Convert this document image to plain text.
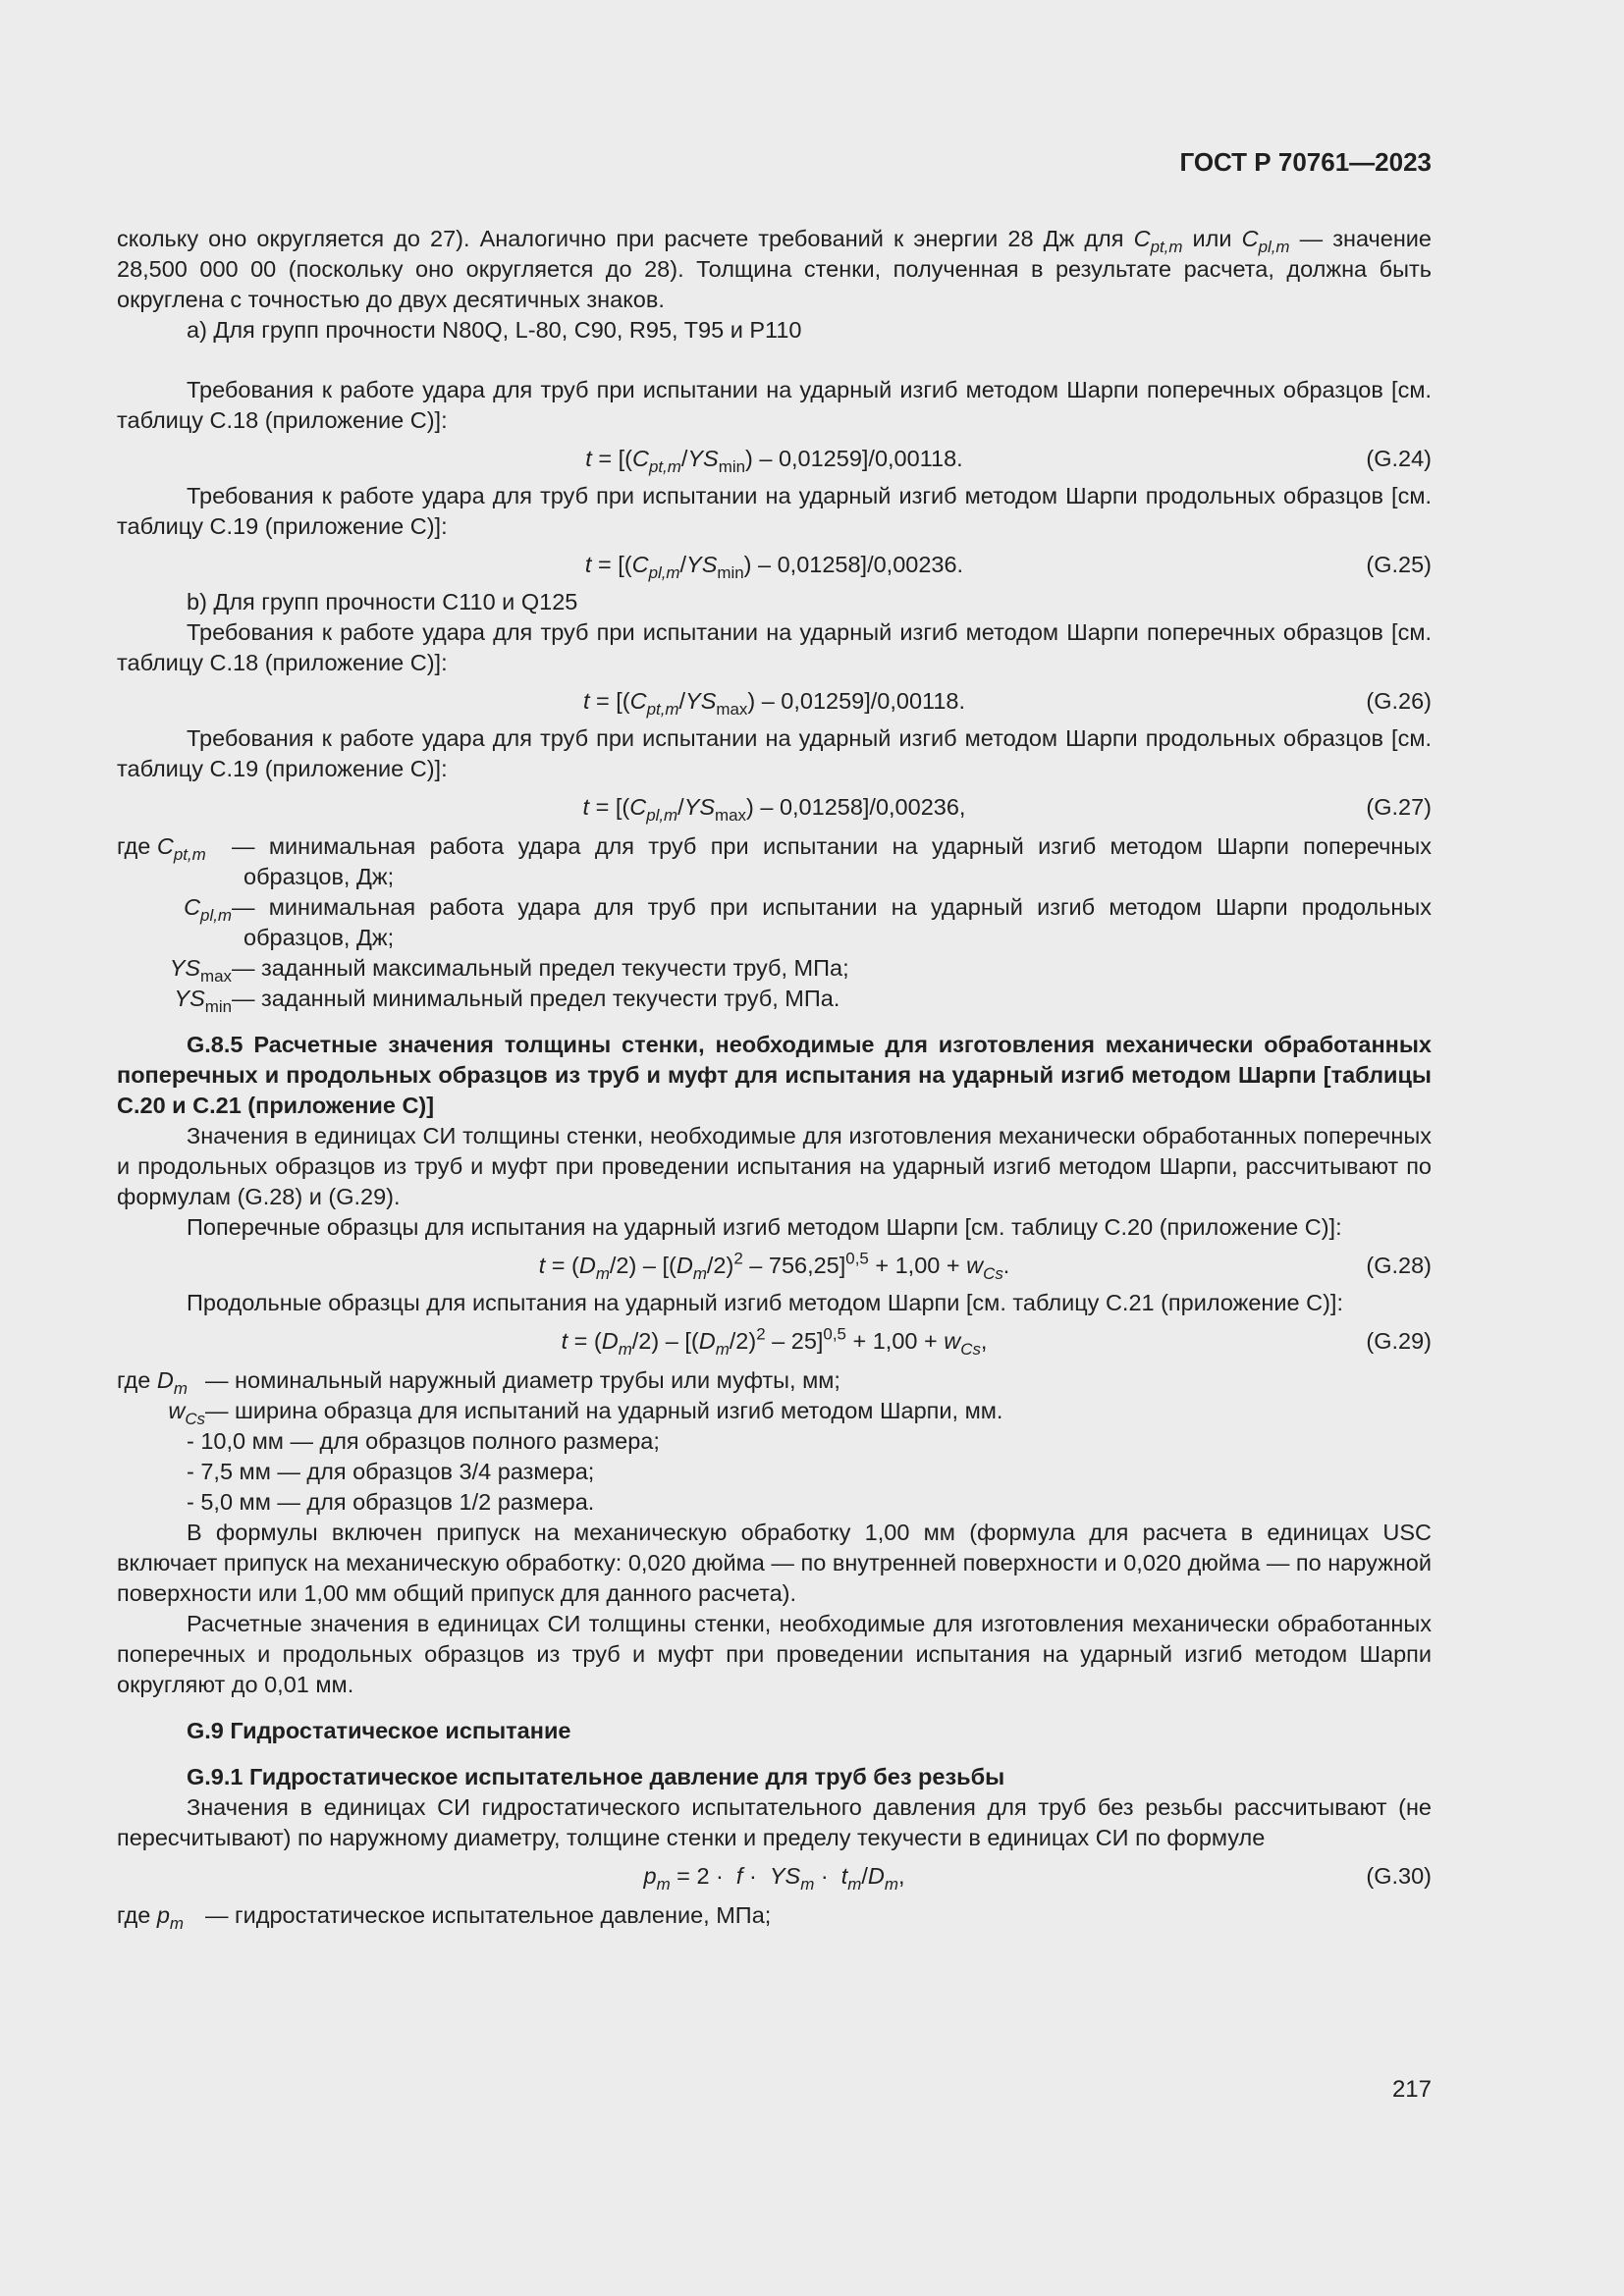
ГОСТ Р 70761—2023

скольку оно округляется до 27). Аналогично при расчете требований к энергии 28 Дж для $C_{pt,m}$ или $C_{pl,m}$ — значение 28,500 000 00 (поскольку оно округляется до 28). Толщина стенки, полученная в результате расчета, должна быть округлена с точностью до двух десятичных знаков.

a) Для групп прочности N80Q, L-80, C90, R95, T95 и P110

Требования к работе удара для труб при испытании на ударный изгиб методом Шарпи поперечных образцов [см. таблицу С.18 (приложение С)]:

$t = [(C_{pt,m}/YS_{min}) - 0,01259]/0,00118$.	(G.24)

Требования к работе удара для труб при испытании на ударный изгиб методом Шарпи продольных образцов [см. таблицу С.19 (приложение С)]:

$t = [(C_{pl,m}/YS_{min}) - 0,01258]/0,00236$.	(G.25)

b) Для групп прочности C110 и Q125

Требования к работе удара для труб при испытании на ударный изгиб методом Шарпи поперечных образцов [см. таблицу С.18 (приложение С)]:

$t = [(C_{pt,m}/YS_{max}) - 0,01259]/0,00118$.	(G.26)

Требования к работе удара для труб при испытании на ударный изгиб методом Шарпи продольных образцов [см. таблицу С.19 (приложение С)]:

$t = [(C_{pl,m}/YS_{max}) - 0,01258]/0,00236$,	(G.27)
где $C_{pt,m}$	— минимальная работа удара для труб при испытании на ударный изгиб методом Шарпи поперечных образцов, Дж;
$C_{pl,m}$	— минимальная работа удара для труб при испытании на ударный изгиб методом Шарпи продольных образцов, Дж;
$YS_{max}$	— заданный максимальный предел текучести труб, МПа;
$YS_{min}$	— заданный минимальный предел текучести труб, МПа.

G.8.5 Расчетные значения толщины стенки, необходимые для изготовления механически обработанных поперечных и продольных образцов из труб и муфт для испытания на ударный изгиб методом Шарпи [таблицы С.20 и С.21 (приложение С)]

Значения в единицах СИ толщины стенки, необходимые для изготовления механически обработанных поперечных и продольных образцов из труб и муфт при проведении испытания на ударный изгиб методом Шарпи, рассчитывают по формулам (G.28) и (G.29).

Поперечные образцы для испытания на ударный изгиб методом Шарпи [см. таблицу С.20 (приложение С)]:

$t = (D_m/2) - [(D_m/2)^2 - 756,25]^{0,5} + 1,00 + w_{Cs}$.	(G.28)

Продольные образцы для испытания на ударный изгиб методом Шарпи [см. таблицу С.21 (приложение С)]:

$t = (D_m/2) - [(D_m/2)^2 - 25]^{0,5} + 1,00 + w_{Cs}$,	(G.29)
где $D_m$	— номинальный наружный диаметр трубы или муфты, мм;
$w_{Cs}$	— ширина образца для испытаний на ударный изгиб методом Шарпи, мм.

- 10,0 мм — для образцов полного размера;

- 7,5 мм — для образцов 3/4 размера;

- 5,0 мм — для образцов 1/2 размера.

В формулы включен припуск на механическую обработку 1,00 мм (формула для расчета в единицах USC включает припуск на механическую обработку: 0,020 дюйма — по внутренней поверхности и 0,020 дюйма — по наружной поверхности или 1,00 мм общий припуск для данного расчета).

Расчетные значения в единицах СИ толщины стенки, необходимые для изготовления механически обработанных поперечных и продольных образцов из труб и муфт при проведении испытания на ударный изгиб методом Шарпи округляют до 0,01 мм.

G.9 Гидростатическое испытание

G.9.1 Гидростатическое испытательное давление для труб без резьбы

Значения в единицах СИ гидростатического испытательного давления для труб без резьбы рассчитывают (не пересчитывают) по наружному диаметру, толщине стенки и пределу текучести в единицах СИ по формуле

$p_m = 2 \cdot f \cdot YS_m \cdot t_m/D_m$,	(G.30)
где $p_m$	— гидростатическое испытательное давление, МПа;
217
